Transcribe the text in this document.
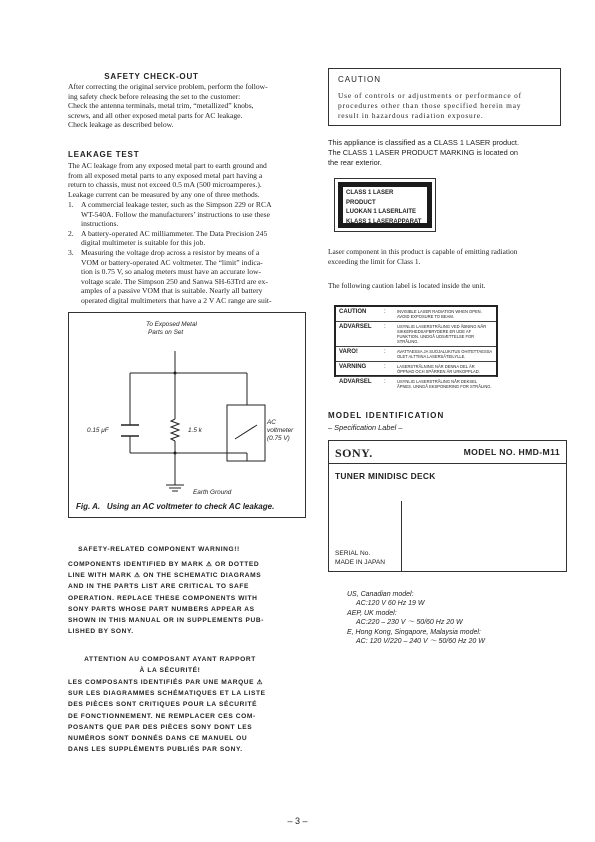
SAFETY CHECK-OUT
After correcting the original service problem, perform the follow-
ing safety check before releasing the set to the customer:
Check the antenna terminals, metal trim, “metallized” knobs,
screws, and all other exposed metal parts for AC leakage.
Check leakage as described below.
LEAKAGE TEST
The AC leakage from any exposed metal part to earth ground and
from all exposed metal parts to any exposed metal part having a
return to chassis, must not exceed 0.5 mA (500 microamperes.).
Leakage current can be measured by any one of three methods.
1. A commercial leakage tester, such as the Simpson 229 or RCA
WT-540A. Follow the manufacturers’ instructions to use these
instructions.
2. A battery-operated AC milliammeter. The Data Precision 245
digital multimeter is suitable for this job.
3. Measuring the voltage drop across a resistor by means of a
VOM or battery-operated AC voltmeter. The “limit” indica-
tion is 0.75 V, so analog meters must have an accurate low-
voltage scale. The Simpson 250 and Sanwa SH-63Trd are ex-
amples of a passive VOM that is suitable. Nearly all battery
operated digital multimeters that have a 2 V AC range are suit-
To Exposed Metal
Parts on Set
0.15 μF	1.5 k
AC
voltmeter
(0.75 V)
Earth Ground
Fig. A. Using an AC voltmeter to check AC leakage.
SAFETY-RELATED COMPONENT WARNING!!
COMPONENTS IDENTIFIED BY MARK ⚠ OR DOTTED
LINE WITH MARK ⚠ ON THE SCHEMATIC DIAGRAMS
AND IN THE PARTS LIST ARE CRITICAL TO SAFE
OPERATION. REPLACE THESE COMPONENTS WITH
SONY PARTS WHOSE PART NUMBERS APPEAR AS
SHOWN IN THIS MANUAL OR IN SUPPLEMENTS PUB-
LISHED BY SONY.
ATTENTION AU COMPOSANT AYANT RAPPORT
À LA SÉCURITÉ!
LES COMPOSANTS IDENTIFIÉS PAR UNE MARQUE ⚠
SUR LES DIAGRAMMES SCHÉMATIQUES ET LA LISTE
DES PIÈCES SONT CRITIQUES POUR LA SÉCURITÉ
DE FONCTIONNEMENT. NE REMPLACER CES COM-
POSANTS QUE PAR DES PIÈCES SONY DONT LES
NUMÉROS SONT DONNÉS DANS CE MANUEL OU
DANS LES SUPPLÉMENTS PUBLIÉS PAR SONY.
CAUTION
Use of controls or adjustments or performance of
procedures other than those specified herein may
result in hazardous radiation exposure.
This appliance is classified as a CLASS 1 LASER product.
The CLASS 1 LASER PRODUCT MARKING is located on
the rear exterior.
CLASS 1 LASER PRODUCT
LUOKAN 1 LASERLAITE
KLASS 1 LASERAPPARAT
Laser component in this product is capable of emitting radiation
exceeding the limit for Class 1.
The following caution label is located inside the unit.
CAUTION	:	INVISIBLE LASER RADIATION WHEN OPEN. AVOID EXPOSURE TO BEAM.
ADVARSEL	:	USYNLIG LASERSTRÅLING VED ÅBNING NÅR SIKKERHEDSAFBRYDERE ER UDE AF FUNKTION. UNDGÅ UDSÆTTELSE FOR STRÅLING.
VARO!	:	AVATTAESSA JA SUOJALUKITUS OHITETTAESSA OLET ALTTIINA LASERSÄTEILYLLE.
VARNING	:	LASERSTRÅLNING NÄR DENNA DEL ÄR ÖPPNAD OCH SPÄRREN ÄR URKOPPLAD.
ADVARSEL	:	USYNLIG LASERSTRÅLING NÅR DEKSEL ÅPNES. UNNGÅ EKSPONERING FOR STRÅLING.
MODEL IDENTIFICATION
– Specification Label –
SONY.	MODEL NO. HMD-M11
TUNER MINIDISC DECK
SERIAL No.
MADE IN JAPAN
US, Canadian model:
AC:120 V 60 Hz 19 W
AEP, UK model:
AC:220 – 230 V ～ 50/60 Hz 20 W
E, Hong Kong, Singapore, Malaysia model:
AC: 120 V/220 – 240 V ～ 50/60 Hz 20 W
– 3 –
